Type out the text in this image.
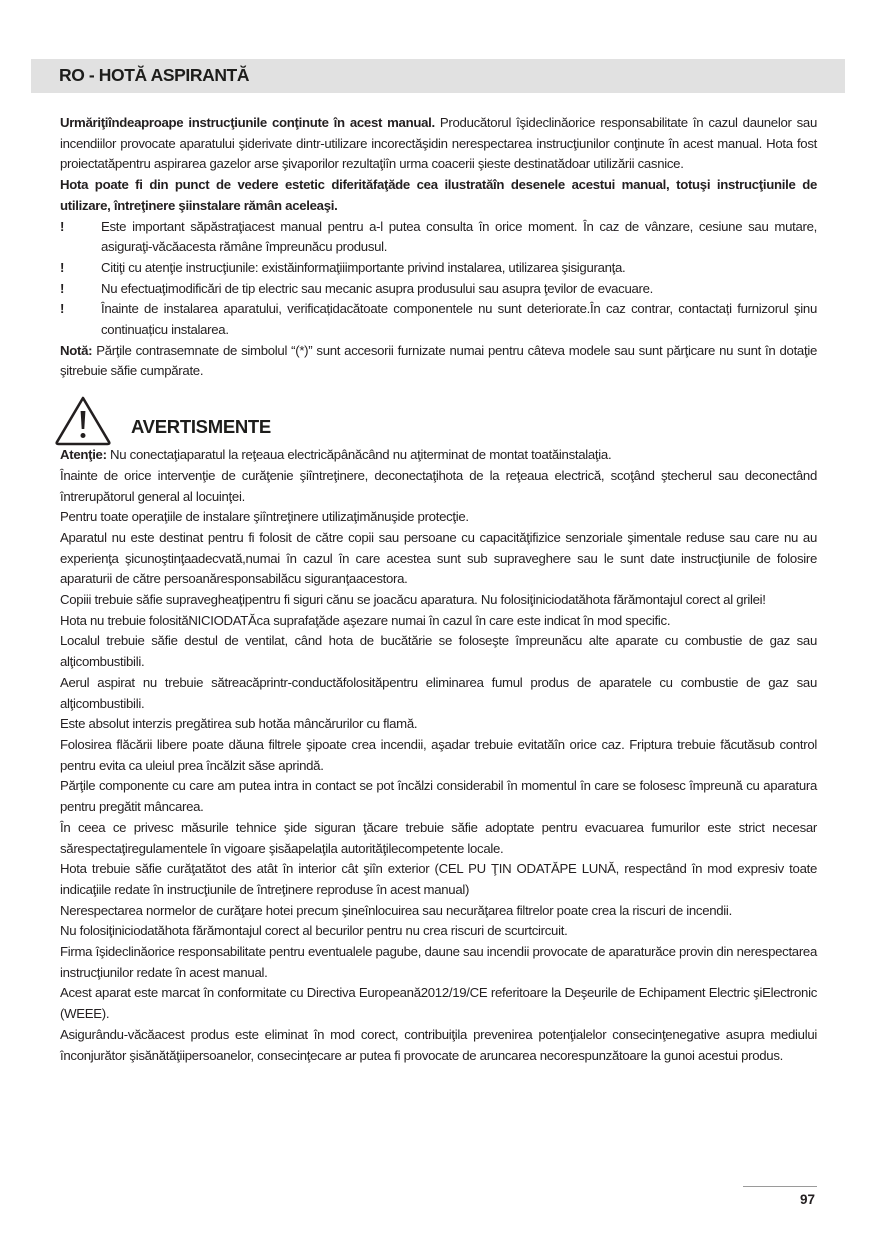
RO - HOTĂ ASPIRANTĂ

Urmăriţiîndeaproape instrucţiunile conţinute în acest manual. Producătorul îşideclinăorice responsabilitate în cazul daunelor sau incendiilor provocate aparatului şiderivate dintr-utilizare incorectăşidin nerespectarea instrucţiunilor conţinute în acest manual. Hota fost proiectatăpentru aspirarea gazelor arse şivaporilor rezultaţiîn urma coacerii şieste destinatădoar utilizării casnice.

Hota poate fi din punct de vedere estetic diferităfaţăde cea ilustratăîn desenele acestui manual, totuşi instrucţiunile de utilizare, întreţinere şiinstalare rămân aceleaşi.

!	Este important săpăstraţiacest manual pentru a-l putea consulta în orice moment. În caz de vânzare, cesiune sau mutare, asiguraţi-văcăacesta rămâne împreunăcu produsul.
!	Citiţi cu atenţie instrucţiunile: existăinformaţiiimportante privind instalarea, utilizarea şisiguranţa.
!	Nu efectuaţimodificări de tip electric sau mecanic asupra produsului sau asupra ţevilor de evacuare.
!	Înainte de instalarea aparatului, verificațidacătoate componentele nu sunt deteriorate.În caz contrar, contactați furnizorul şinu continuațicu instalarea.

Notă: Părţile contrasemnate de simbolul “(*)” sunt accesorii furnizate numai pentru câteva modele sau sunt părţicare nu sunt în dotaţie şitrebuie săfie cumpărate.

AVERTISMENTE

Atenţie: Nu conectaţiaparatul la reţeaua electricăpânăcând nu aţiterminat de montat toatăinstalaţia.

Înainte de orice intervenţie de curăţenie şiîntreţinere, deconectaţihota de la reţeaua electrică, scoţând ştecherul sau deconectând întrerupătorul general al locuinţei.

Pentru toate operaţiile de instalare şiîntreţinere utilizaţimănuşide protecţie.

Aparatul nu este destinat pentru fi folosit de către copii sau persoane cu capacităţifizice senzoriale şimentale reduse sau care nu au experienţa şicunoştinţaadecvată,numai în cazul în care acestea sunt sub supraveghere sau le sunt date instrucţiunile de folosire aparaturii de către persoanăresponsabilăcu siguranţaacestora.

Copiii trebuie săfie supravegheaţipentru fi siguri cănu se joacăcu aparatura. Nu folosiţiniciodatăhota fărămontajul corect al grilei!

Hota nu trebuie folosităNICIODATĂca suprafaţăde aşezare numai în cazul în care este indicat în mod specific.

Localul trebuie săfie destul de ventilat, când hota de bucătărie se foloseşte împreunăcu alte aparate cu combustie de gaz sau alţicombustibili.

Aerul aspirat nu trebuie sătreacăprintr-conductăfolosităpentru eliminarea fumul produs de aparatele cu combustie de gaz sau alţicombustibili.

Este absolut interzis pregătirea sub hotăa mâncărurilor cu flamă.

Folosirea flăcării libere poate dăuna filtrele şipoate crea incendii, aşadar trebuie evitatăîn orice caz. Friptura trebuie făcutăsub control pentru evita ca uleiul prea încălzit săse aprindă.

Părţile componente cu care am putea intra in contact se pot încălzi considerabil în momentul în care se folosesc împreună cu aparatura pentru pregătit mâncarea.

În ceea ce privesc măsurile tehnice şide siguran ţăcare trebuie săfie adoptate pentru evacuarea fumurilor este strict necesar sărespectaţiregulamentele în vigoare şisăapelaţila autorităţilecompetente locale.

Hota trebuie săfie curăţatătot des atât în interior cât şiîn exterior (CEL PU ŢIN ODATĂPE LUNĂ, respectând în mod expresiv toate indicaţiile redate în instrucţiunile de întreţinere reproduse în acest manual)

Nerespectarea normelor de curăţare hotei precum şineînlocuirea sau necurăţarea filtrelor poate crea la riscuri de incendii.

Nu folosiţiniciodatăhota fărămontajul corect al becurilor pentru nu crea riscuri de scurtcircuit.

Firma îşideclinăorice responsabilitate pentru eventualele pagube, daune sau incendii provocate de aparaturăce provin din nerespectarea instrucţiunilor redate în acest manual.

Acest aparat este marcat în conformitate cu Directiva Europeană2012/19/CE referitoare la Deşeurile de Echipament Electric şiElectronic (WEEE).

Asigurându-văcăacest produs este eliminat în mod corect, contribuiţila prevenirea potenţialelor consecinţenegative asupra mediului înconjurător şisănătăţiipersoanelor, consecinţecare ar putea fi provocate de aruncarea necorespunzătoare la gunoi acestui produs.

97
